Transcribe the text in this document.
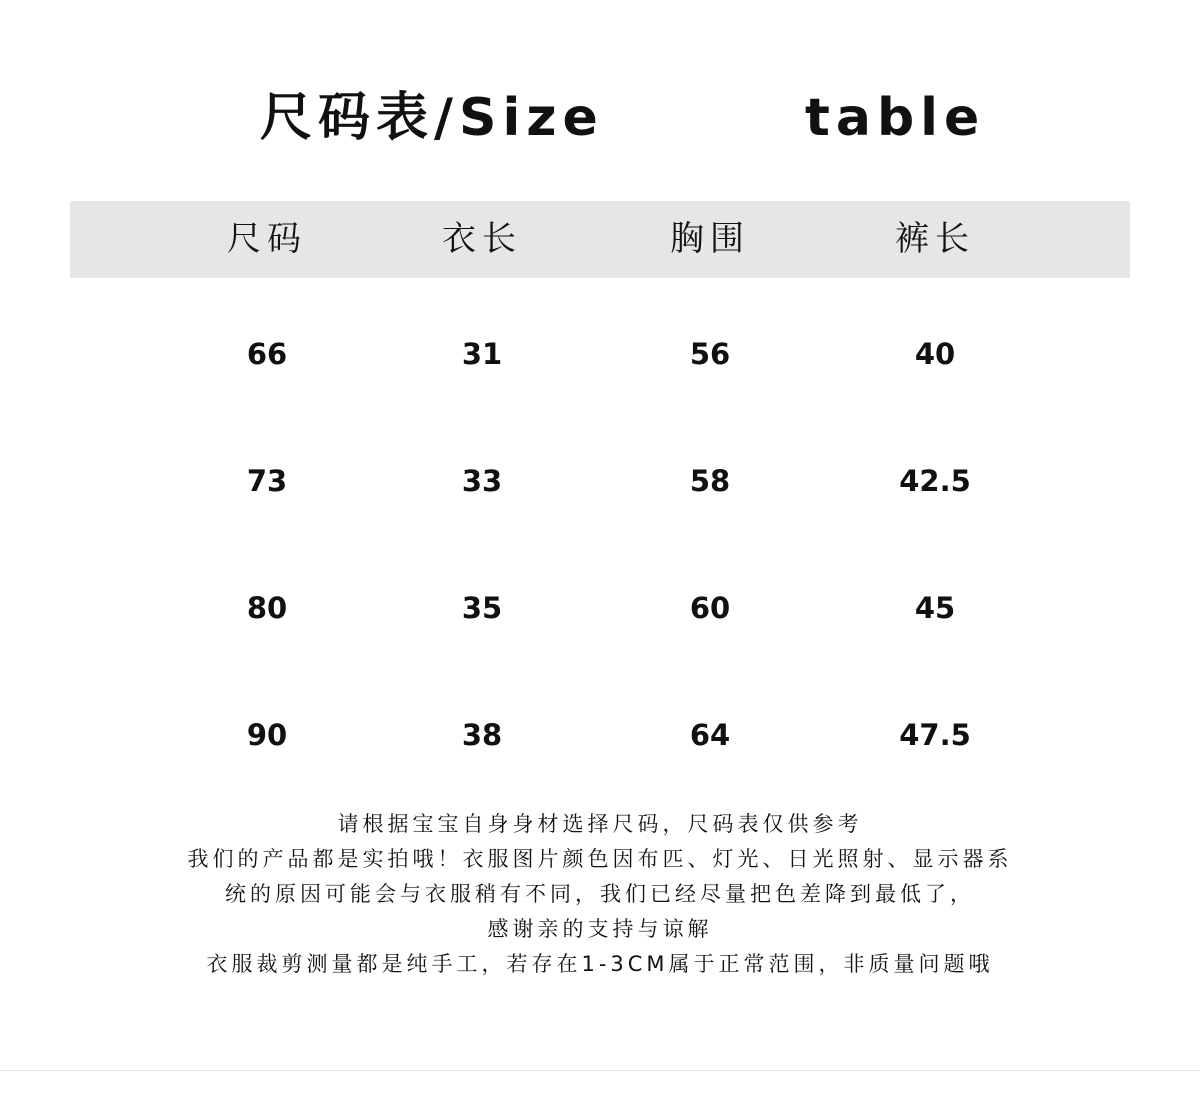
尺码表/Size	table
尺码	衣长	胸围	裤长
66	31	56	40
73	33	58	42.5
80	35	60	45
90	38	64	47.5
请根据宝宝自身身材选择尺码，尺码表仅供参考
我们的产品都是实拍哦！衣服图片颜色因布匹、灯光、日光照射、显示器系
统的原因可能会与衣服稍有不同，我们已经尽量把色差降到最低了，
感谢亲的支持与谅解
衣服裁剪测量都是纯手工，若存在1-3CM属于正常范围，非质量问题哦
